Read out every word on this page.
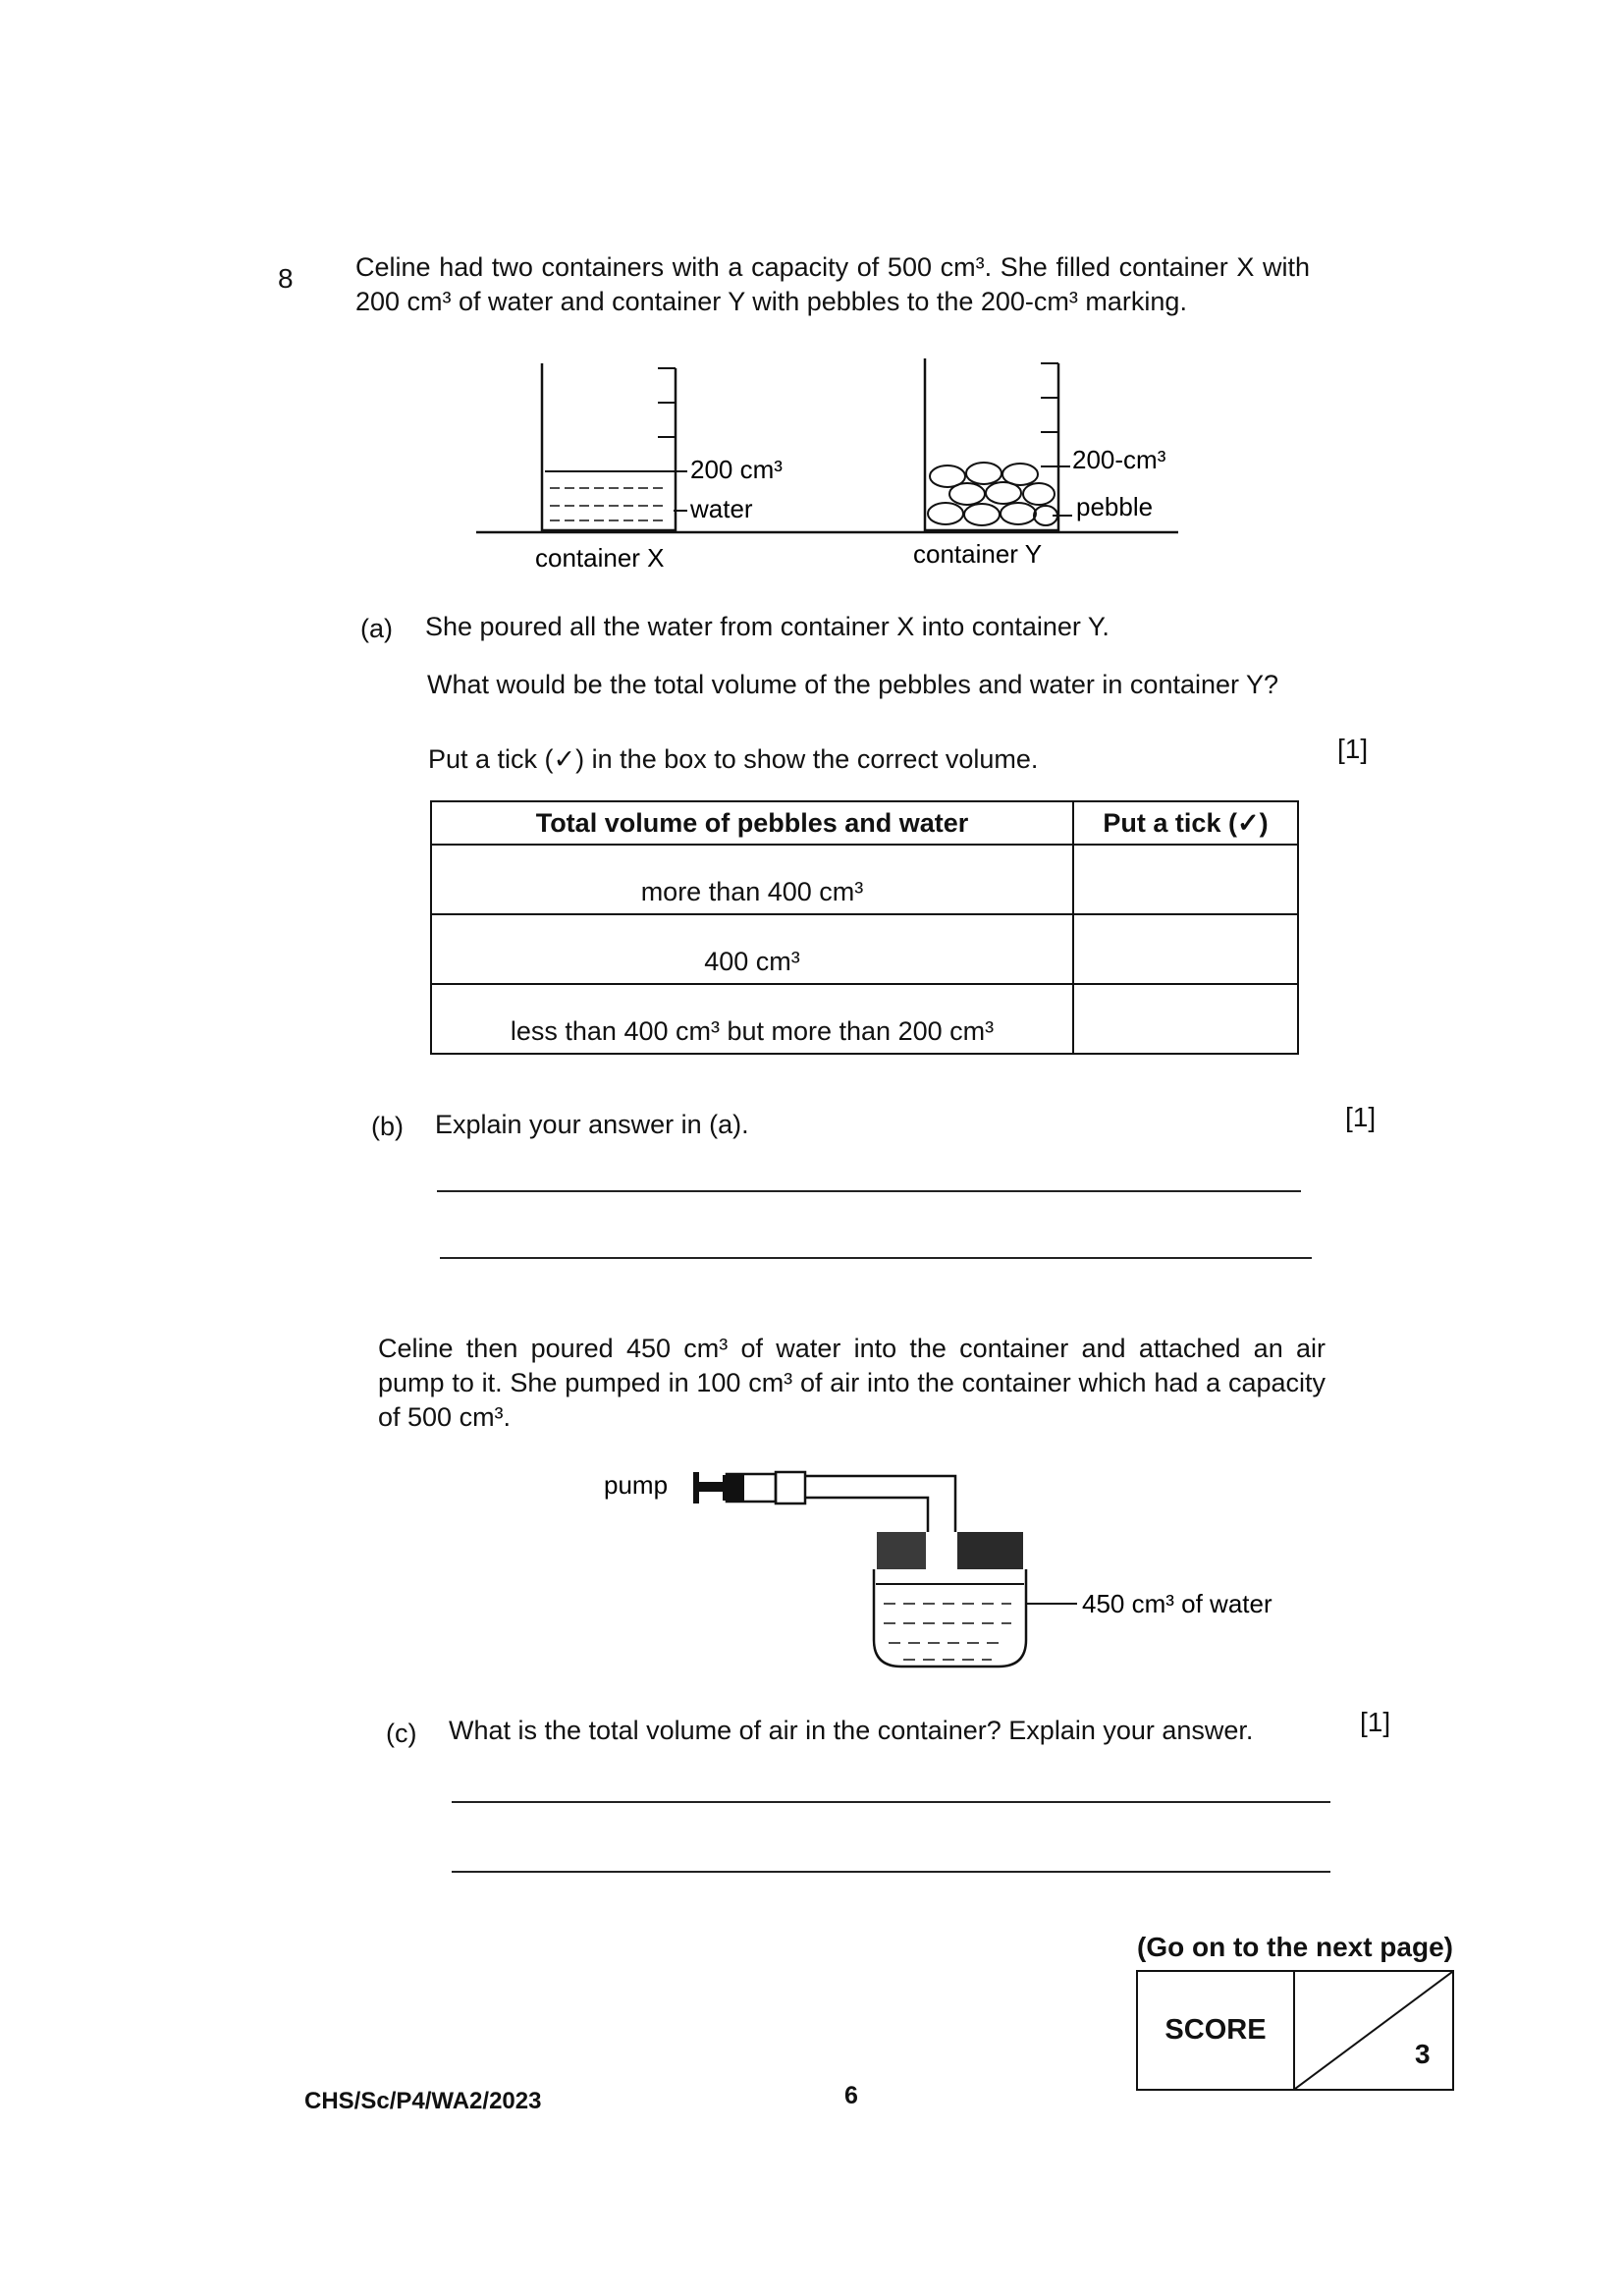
8 Celine had two containers with a capacity of 500 cm³. She filled container X with 200 cm³ of water and container Y with pebbles to the 200-cm³ marking.
200 cm³
water
container X
200-cm³
pebble
container Y
(a) She poured all the water from container X into container Y.
What would be the total volume of the pebbles and water in container Y?
Put a tick (✓) in the box to show the correct volume.	[1]
Total volume of pebbles and water	Put a tick (✓)
more than 400 cm³	
400 cm³	
less than 400 cm³ but more than 200 cm³	
(b) Explain your answer in (a).	[1]
Celine then poured 450 cm³ of water into the container and attached an air pump to it. She pumped in 100 cm³ of air into the container which had a capacity of 500 cm³.
pump
450 cm³ of water
(c) What is the total volume of air in the container? Explain your answer.	[1]
(Go on to the next page)
SCORE
3
CHS/Sc/P4/WA2/2023	6
